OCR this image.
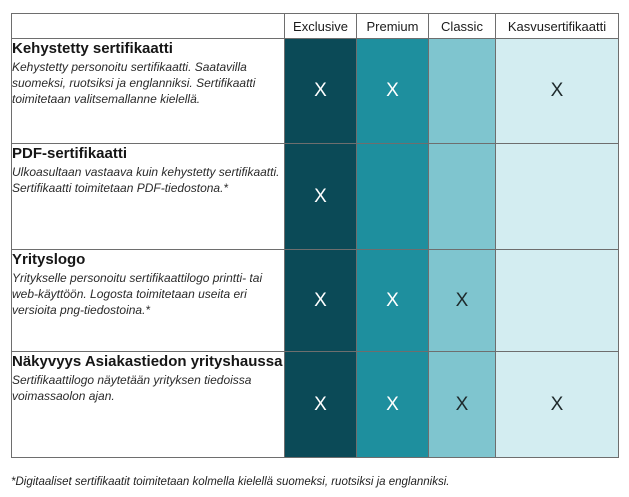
	Exclusive	Premium	Classic	Kasvusertifikaatti

Kehystetty sertifikaatti
Kehystetty personoitu sertifikaatti. Saatavilla suomeksi, ruotsiksi ja englanniksi. Sertifikaatti toimitetaan valitsemallanne kielellä.	X	X		X

PDF-sertifikaatti
Ulkoasultaan vastaava kuin kehystetty sertifikaatti. Sertifikaatti toimitetaan PDF-tiedostona.*	X			

Yrityslogo
Yritykselle personoitu sertifikaattilogo printti- tai web-käyttöön. Logosta toimitetaan useita eri versioita png-tiedostoina.*	X	X	X	

Näkyvyys Asiakastiedon yrityshaussa
Sertifikaattilogo näytetään yrityksen tiedoissa voimassaolon ajan.	X	X	X	X
*Digitaaliset sertifikaatit toimitetaan kolmella kielellä suomeksi, ruotsiksi ja englanniksi.
